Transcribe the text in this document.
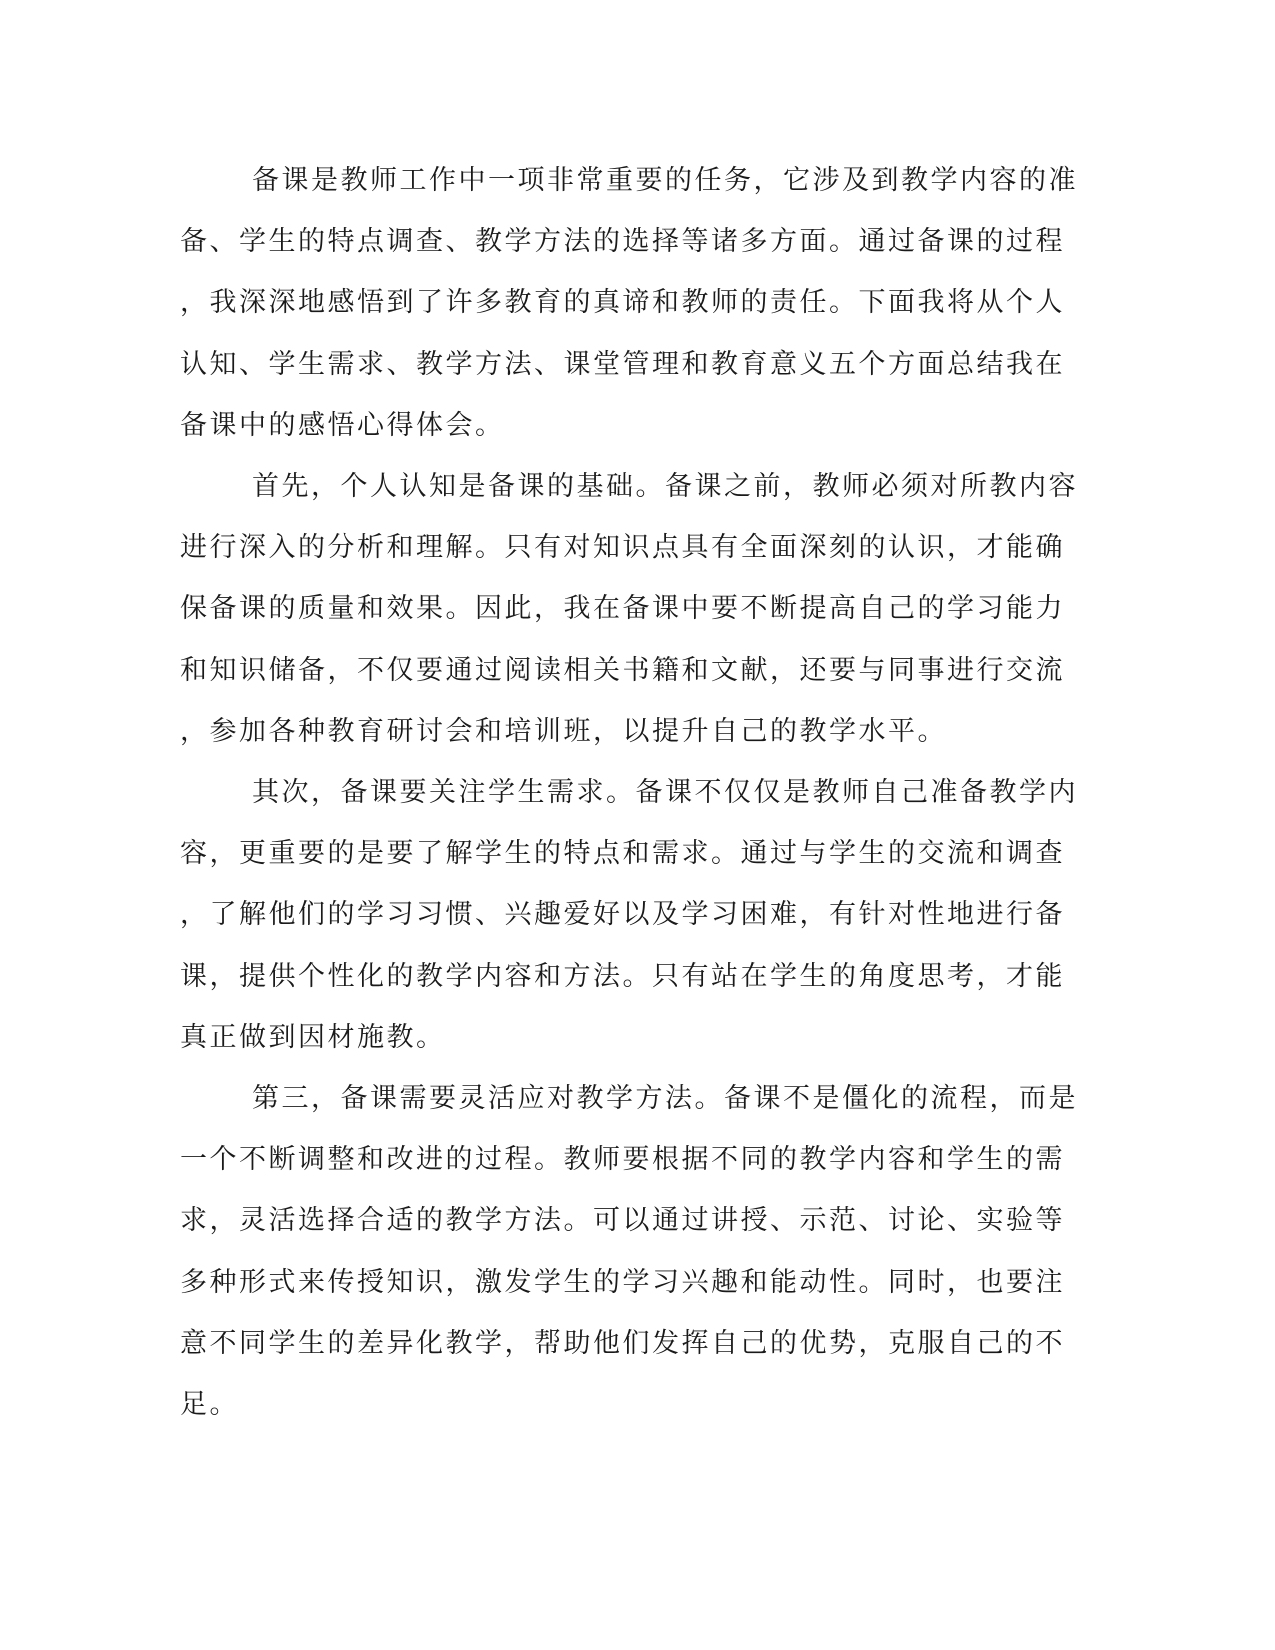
备课是教师工作中一项非常重要的任务，它涉及到教学内容的准
备、学生的特点调查、教学方法的选择等诸多方面。通过备课的过程
，我深深地感悟到了许多教育的真谛和教师的责任。下面我将从个人
认知、学生需求、教学方法、课堂管理和教育意义五个方面总结我在
备课中的感悟心得体会。

首先，个人认知是备课的基础。备课之前，教师必须对所教内容
进行深入的分析和理解。只有对知识点具有全面深刻的认识，才能确
保备课的质量和效果。因此，我在备课中要不断提高自己的学习能力
和知识储备，不仅要通过阅读相关书籍和文献，还要与同事进行交流
，参加各种教育研讨会和培训班，以提升自己的教学水平。

其次，备课要关注学生需求。备课不仅仅是教师自己准备教学内
容，更重要的是要了解学生的特点和需求。通过与学生的交流和调查
，了解他们的学习习惯、兴趣爱好以及学习困难，有针对性地进行备
课，提供个性化的教学内容和方法。只有站在学生的角度思考，才能
真正做到因材施教。

第三，备课需要灵活应对教学方法。备课不是僵化的流程，而是
一个不断调整和改进的过程。教师要根据不同的教学内容和学生的需
求，灵活选择合适的教学方法。可以通过讲授、示范、讨论、实验等
多种形式来传授知识，激发学生的学习兴趣和能动性。同时，也要注
意不同学生的差异化教学，帮助他们发挥自己的优势，克服自己的不
足。
